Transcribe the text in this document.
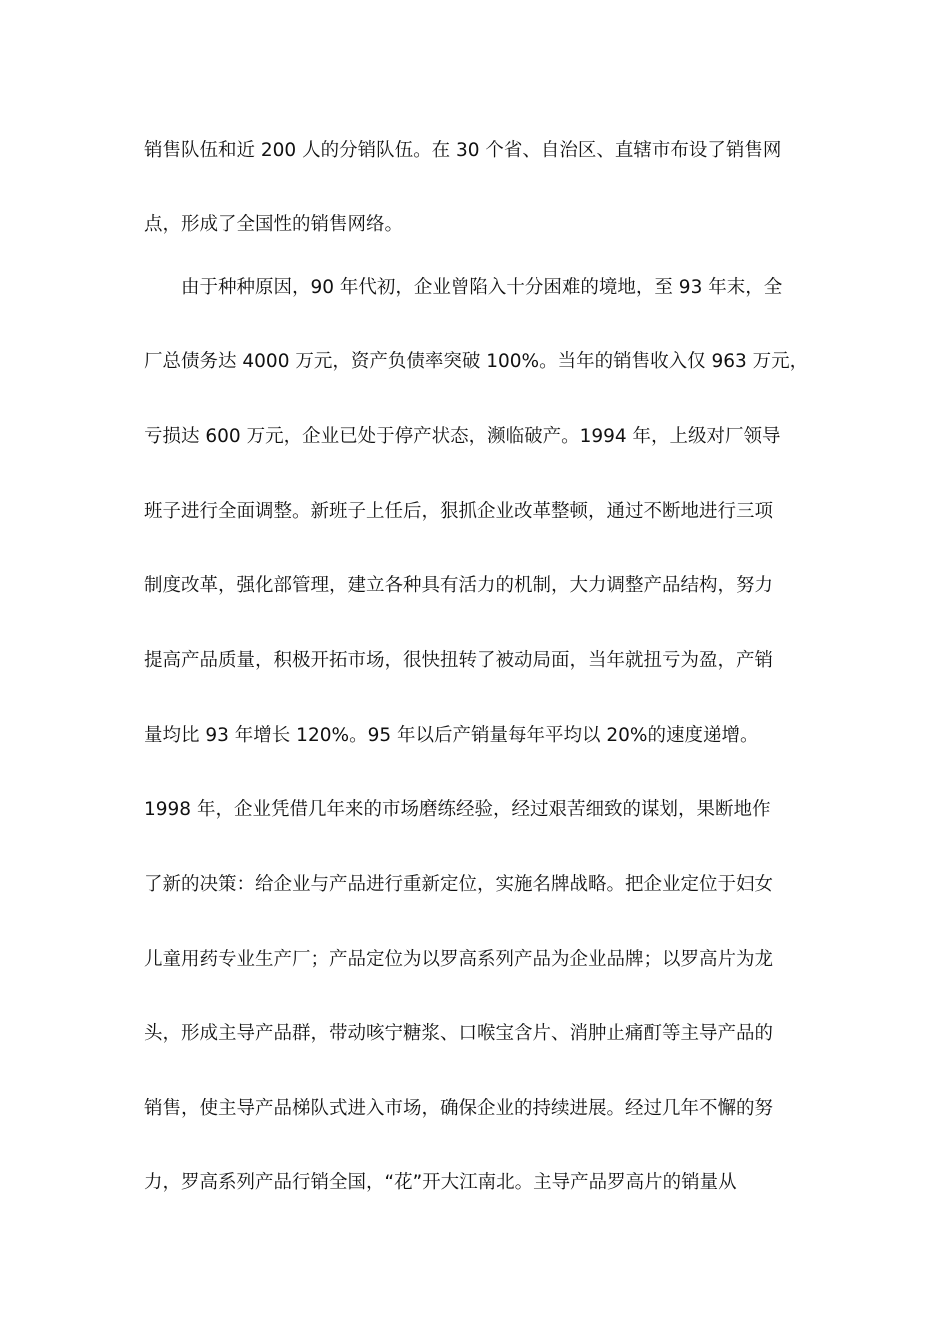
销售队伍和近 200 人的分销队伍。在 30 个省、自治区、直辖市布设了销售网
点，形成了全国性的销售网络。
由于种种原因，90 年代初，企业曾陷入十分困难的境地，至 93 年末，全
厂总债务达 4000 万元，资产负债率突破 100%。当年的销售收入仅 963 万元，
亏损达 600 万元，企业已处于停产状态，濒临破产。1994 年，上级对厂领导
班子进行全面调整。新班子上任后，狠抓企业改革整顿，通过不断地进行三项
制度改革，强化部管理，建立各种具有活力的机制，大力调整产品结构，努力
提高产品质量，积极开拓市场，很快扭转了被动局面，当年就扭亏为盈，产销
量均比 93 年增长 120%。95 年以后产销量每年平均以 20%的速度递增。
1998 年，企业凭借几年来的市场磨练经验，经过艰苦细致的谋划，果断地作
了新的决策：给企业与产品进行重新定位，实施名牌战略。把企业定位于妇女
儿童用药专业生产厂；产品定位为以罗高系列产品为企业品牌；以罗高片为龙
头，形成主导产品群，带动咳宁糖浆、口喉宝含片、消肿止痛酊等主导产品的
销售，使主导产品梯队式进入市场，确保企业的持续进展。经过几年不懈的努
力，罗高系列产品行销全国，“花”开大江南北。主导产品罗高片的销量从
